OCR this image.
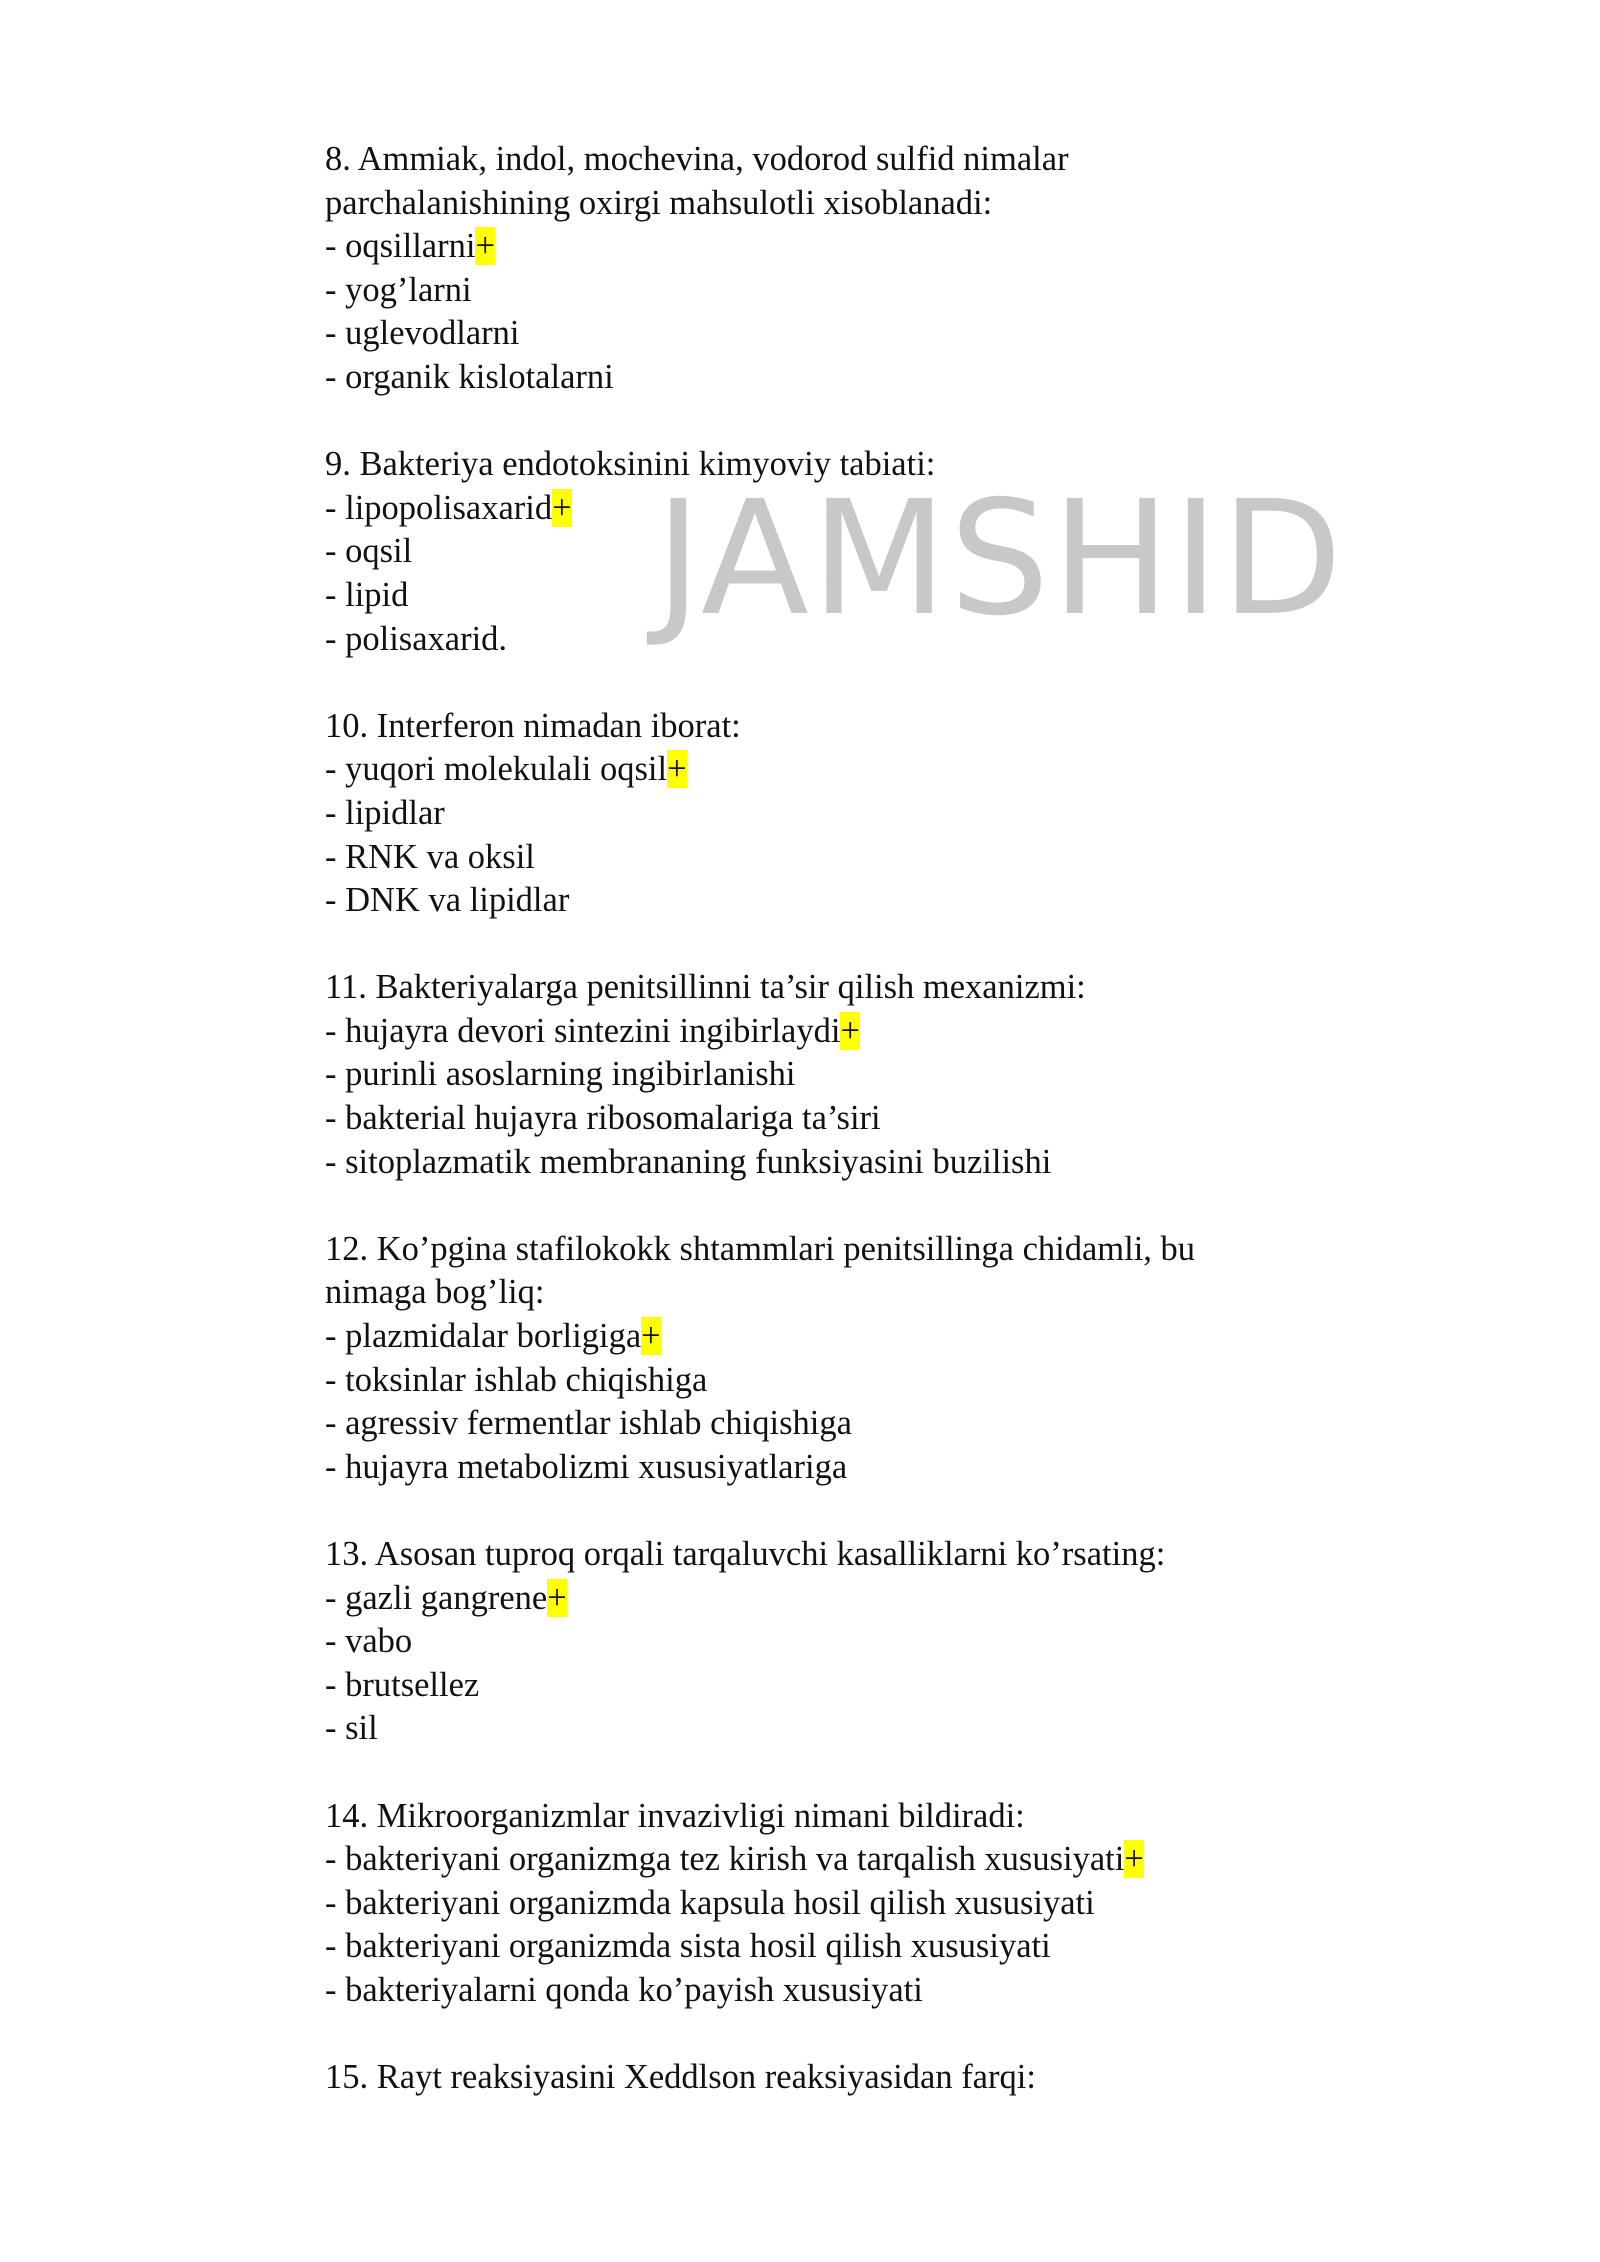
JAMSHID
8. Ammiak, indol, mochevina, vodorod sulfid nimalar
parchalanishining oxirgi mahsulotli xisoblanadi:
- oqsillarni+
- yog’larni
- uglevodlarni
- organik kislotalarni
9. Bakteriya endotoksinini kimyoviy tabiati:
- lipopolisaxarid+
- oqsil
- lipid
- polisaxarid.
10. Interferon nimadan iborat:
- yuqori molekulali oqsil+
- lipidlar
- RNK va oksil
- DNK va lipidlar
11. Bakteriyalarga penitsillinni ta’sir qilish mexanizmi:
- hujayra devori sintezini ingibirlaydi+
- purinli asoslarning ingibirlanishi
- bakterial hujayra ribosomalariga ta’siri
- sitoplazmatik membrananing funksiyasini buzilishi
12. Ko’pgina stafilokokk shtammlari penitsillinga chidamli, bu
nimaga bog’liq:
- plazmidalar borligiga+
- toksinlar ishlab chiqishiga
- agressiv fermentlar ishlab chiqishiga
- hujayra metabolizmi xususiyatlariga
13. Asosan tuproq orqali tarqaluvchi kasalliklarni ko’rsating:
- gazli gangrene+
- vabo
- brutsellez
- sil
14. Mikroorganizmlar invazivligi nimani bildiradi:
- bakteriyani organizmga tez kirish va tarqalish xususiyati+
- bakteriyani organizmda kapsula hosil qilish xususiyati
- bakteriyani organizmda sista hosil qilish xususiyati
- bakteriyalarni qonda ko’payish xususiyati
15. Rayt reaksiyasini Xeddlson reaksiyasidan farqi:
